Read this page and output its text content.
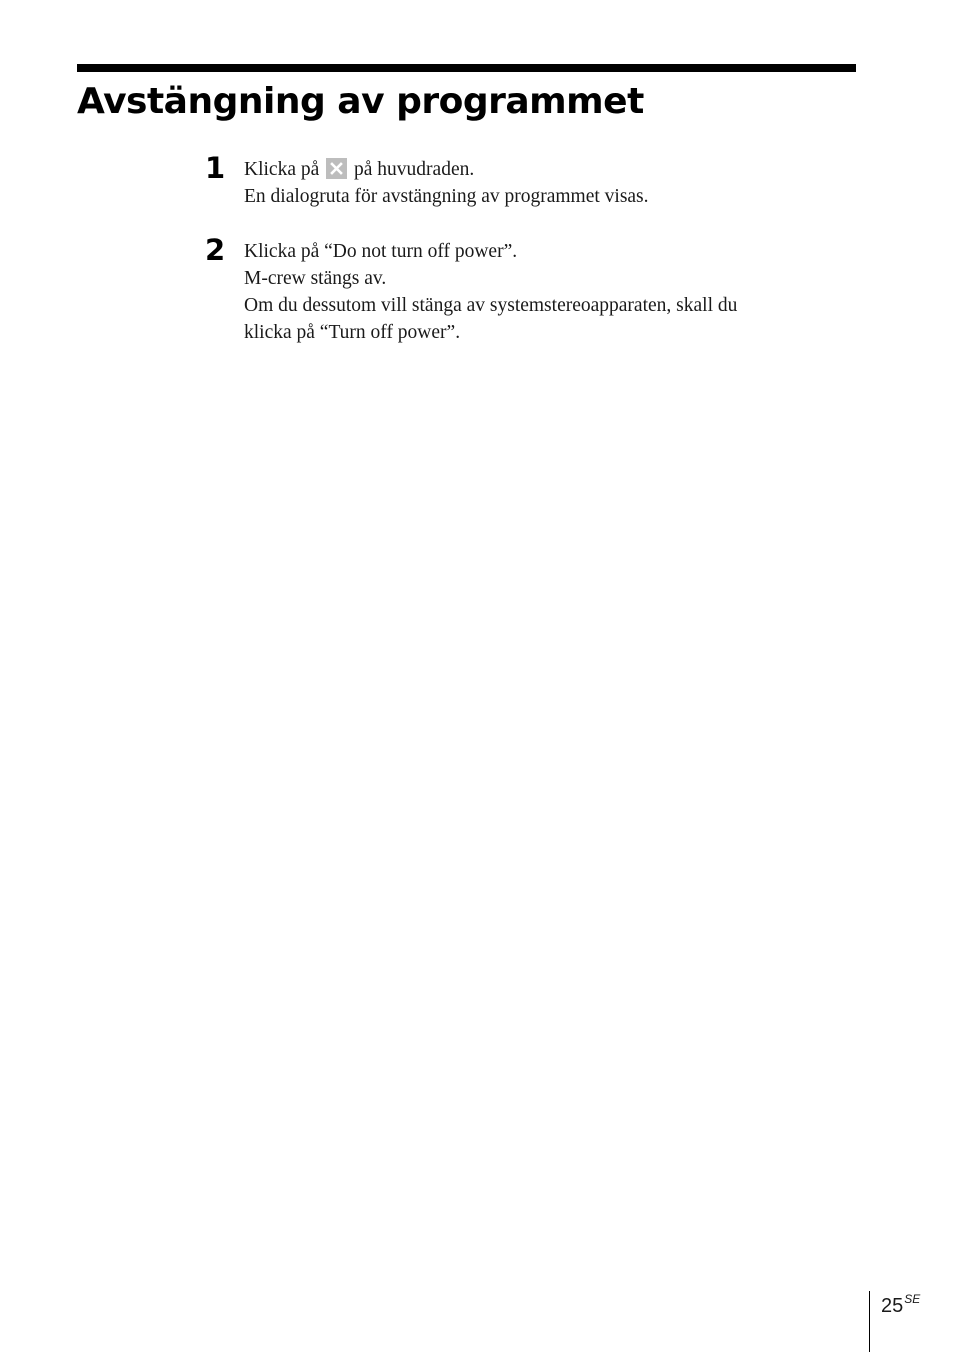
Avstängning av programmet
1 Klicka på på huvudraden.
En dialogruta för avstängning av programmet visas.
2 Klicka på “Do not turn off power”.
M-crew stängs av.
Om du dessutom vill stänga av systemstereoapparaten, skall du
klicka på “Turn off power”.
$25^{SE}$
